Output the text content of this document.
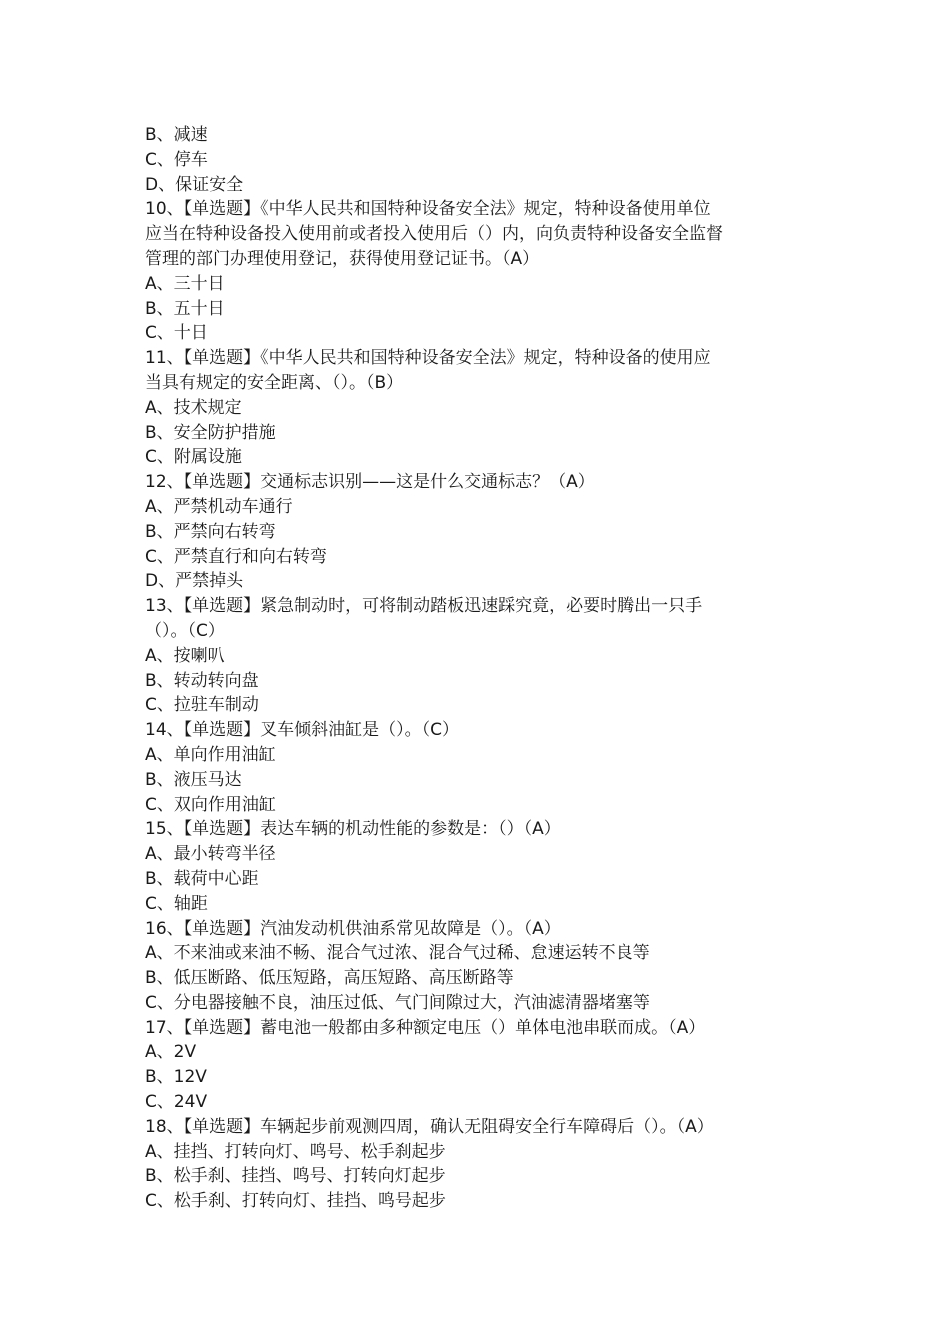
B、减速
C、停车
D、保证安全
10、【单选题】《中华人民共和国特种设备安全法》规定，特种设备使用单位
应当在特种设备投入使用前或者投入使用后（）内，向负责特种设备安全监督
管理的部门办理使用登记，获得使用登记证书。（A）
A、三十日
B、五十日
C、十日
11、【单选题】《中华人民共和国特种设备安全法》规定，特种设备的使用应
当具有规定的安全距离、（）。（B）
A、技术规定
B、安全防护措施
C、附属设施
12、【单选题】交通标志识别——这是什么交通标志？（A）
A、严禁机动车通行
B、严禁向右转弯
C、严禁直行和向右转弯
D、严禁掉头
13、【单选题】紧急制动时，可将制动踏板迅速踩究竟，必要时腾出一只手
（）。（C）
A、按喇叭
B、转动转向盘
C、拉驻车制动
14、【单选题】叉车倾斜油缸是（）。（C）
A、单向作用油缸
B、液压马达
C、双向作用油缸
15、【单选题】表达车辆的机动性能的参数是：（）（A）
A、最小转弯半径
B、载荷中心距
C、轴距
16、【单选题】汽油发动机供油系常见故障是（）。（A）
A、不来油或来油不畅、混合气过浓、混合气过稀、怠速运转不良等
B、低压断路、低压短路，高压短路、高压断路等
C、分电器接触不良，油压过低、气门间隙过大，汽油滤清器堵塞等
17、【单选题】蓄电池一般都由多种额定电压（）单体电池串联而成。（A）
A、2V
B、12V
C、24V
18、【单选题】车辆起步前观测四周，确认无阻碍安全行车障碍后（）。（A）
A、挂挡、打转向灯、鸣号、松手刹起步
B、松手刹、挂挡、鸣号、打转向灯起步
C、松手刹、打转向灯、挂挡、鸣号起步
